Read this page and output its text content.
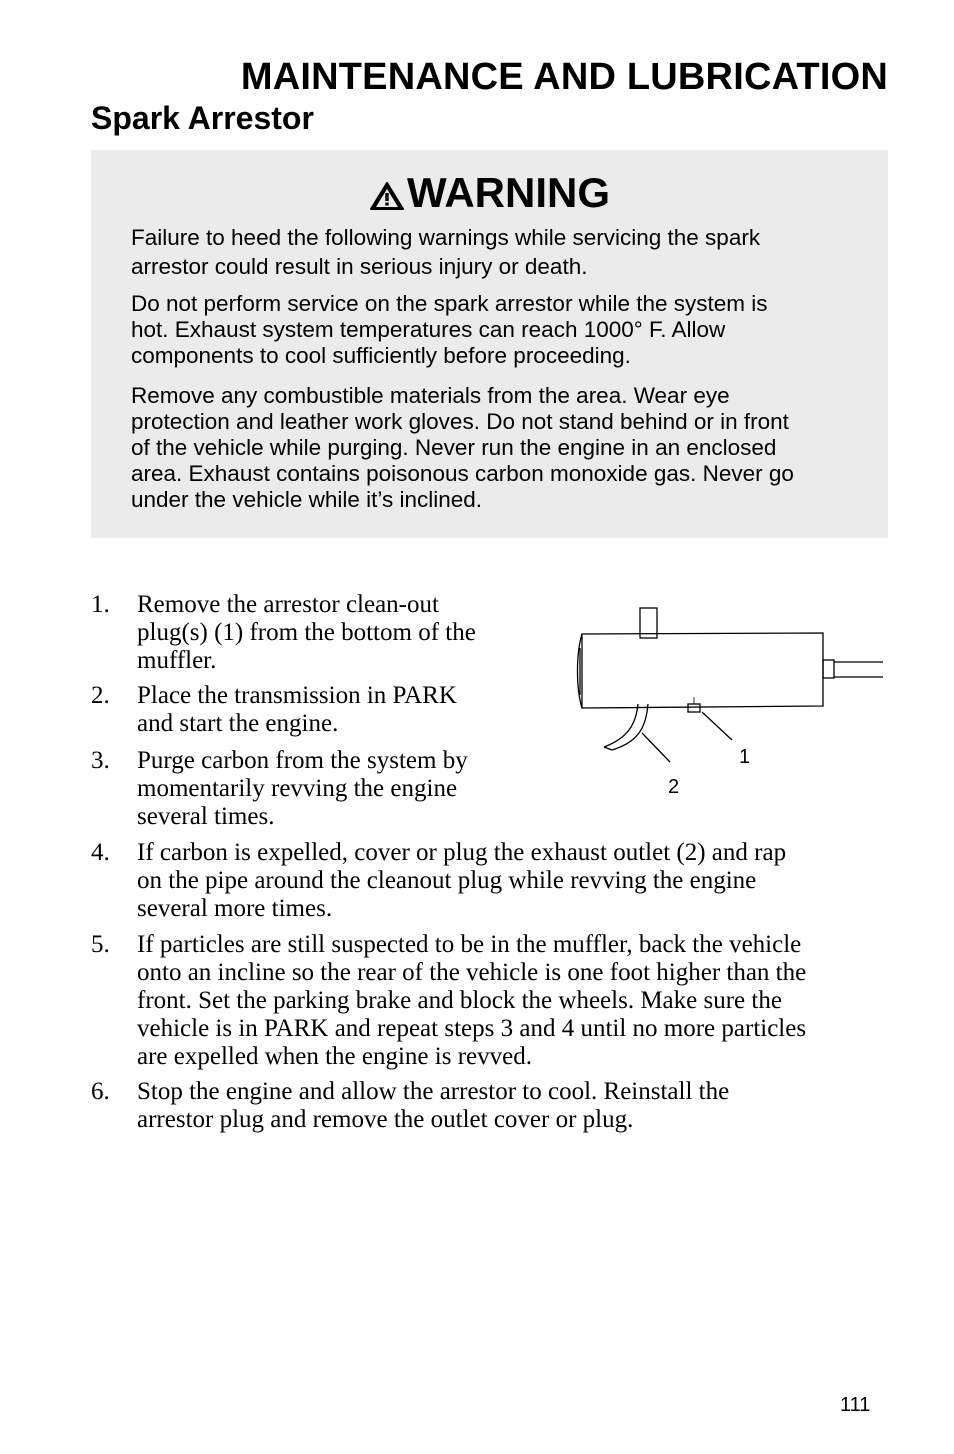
MAINTENANCE AND LUBRICATION
Spark Arrestor
WARNING

Failure to heed the following warnings while servicing the spark
arrestor could result in serious injury or death.

Do not perform service on the spark arrestor while the system is
hot. Exhaust system temperatures can reach 1000° F. Allow
components to cool sufficiently before proceeding.

Remove any combustible materials from the area. Wear eye
protection and leather work gloves. Do not stand behind or in front
of the vehicle while purging. Never run the engine in an enclosed
area. Exhaust contains poisonous carbon monoxide gas. Never go
under the vehicle while it’s inclined.

1. Remove the arrestor clean-out
plug(s) (1) from the bottom of the
muffler.
2. Place the transmission in PARK
and start the engine.
3. Purge carbon from the system by
momentarily revving the engine
several times.
4. If carbon is expelled, cover or plug the exhaust outlet (2) and rap
on the pipe around the cleanout plug while revving the engine
several more times.
5. If particles are still suspected to be in the muffler, back the vehicle
onto an incline so the rear of the vehicle is one foot higher than the
front. Set the parking brake and block the wheels. Make sure the
vehicle is in PARK and repeat steps 3 and 4 until no more particles
are expelled when the engine is revved.
6. Stop the engine and allow the arrestor to cool. Reinstall the
arrestor plug and remove the outlet cover or plug.
1
2
111
